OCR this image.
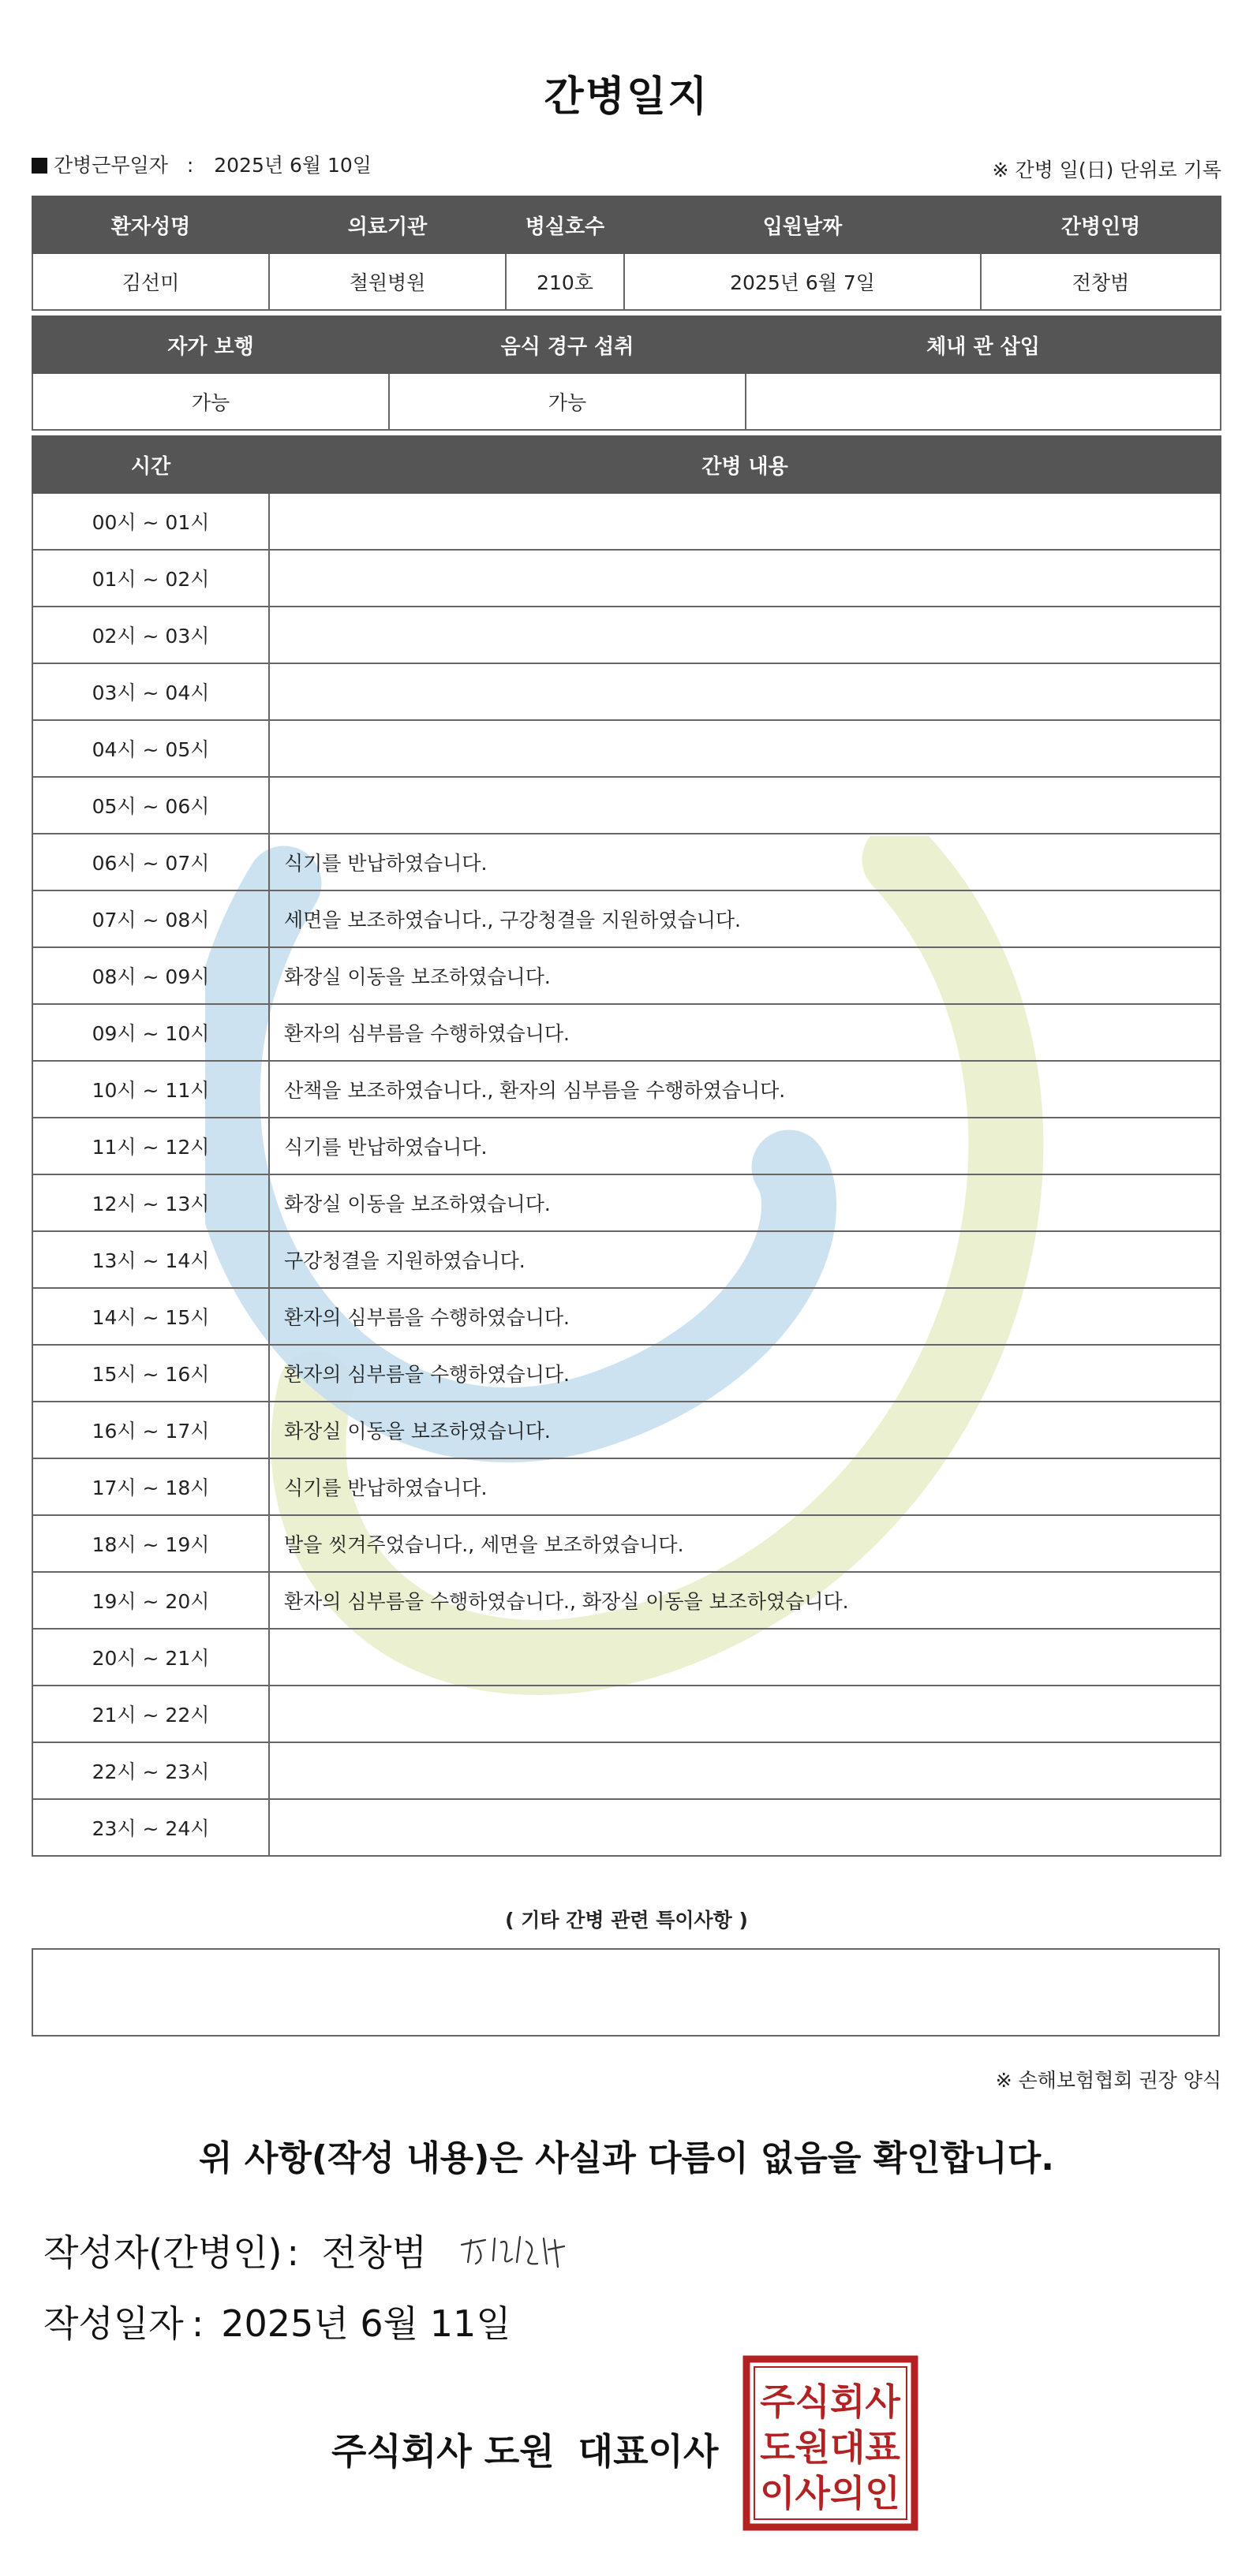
간병일지
간병근무일자 : 2025년 6월 10일	※ 간병 일(日) 단위로 기록
환자성명	의료기관	병실호수	입원날짜	간병인명
김선미	철원병원	210호	2025년 6월 7일	전창범
자가 보행	음식 경구 섭취	체내 관 삽입
가능	가능	
시간	간병 내용
00시 ~ 01시	
01시 ~ 02시	
02시 ~ 03시	
03시 ~ 04시	
04시 ~ 05시	
05시 ~ 06시	
06시 ~ 07시	식기를 반납하였습니다.
07시 ~ 08시	세면을 보조하였습니다., 구강청결을 지원하였습니다.
08시 ~ 09시	화장실 이동을 보조하였습니다.
09시 ~ 10시	환자의 심부름을 수행하였습니다.
10시 ~ 11시	산책을 보조하였습니다., 환자의 심부름을 수행하였습니다.
11시 ~ 12시	식기를 반납하였습니다.
12시 ~ 13시	화장실 이동을 보조하였습니다.
13시 ~ 14시	구강청결을 지원하였습니다.
14시 ~ 15시	환자의 심부름을 수행하였습니다.
15시 ~ 16시	환자의 심부름을 수행하였습니다.
16시 ~ 17시	화장실 이동을 보조하였습니다.
17시 ~ 18시	식기를 반납하였습니다.
18시 ~ 19시	발을 씻겨주었습니다., 세면을 보조하였습니다.
19시 ~ 20시	환자의 심부름을 수행하였습니다., 화장실 이동을 보조하였습니다.
20시 ~ 21시	
21시 ~ 22시	
22시 ~ 23시	
23시 ~ 24시	
( 기타 간병 관련 특이사항 )
※ 손해보험협회 권장 양식
위 사항(작성 내용)은 사실과 다름이 없음을 확인합니다.
작성자(간병인) : 전창범
작성일자 : 2025년 6월 11일
주식회사 도원 대표이사
주식회사
도원대표
이사의인
